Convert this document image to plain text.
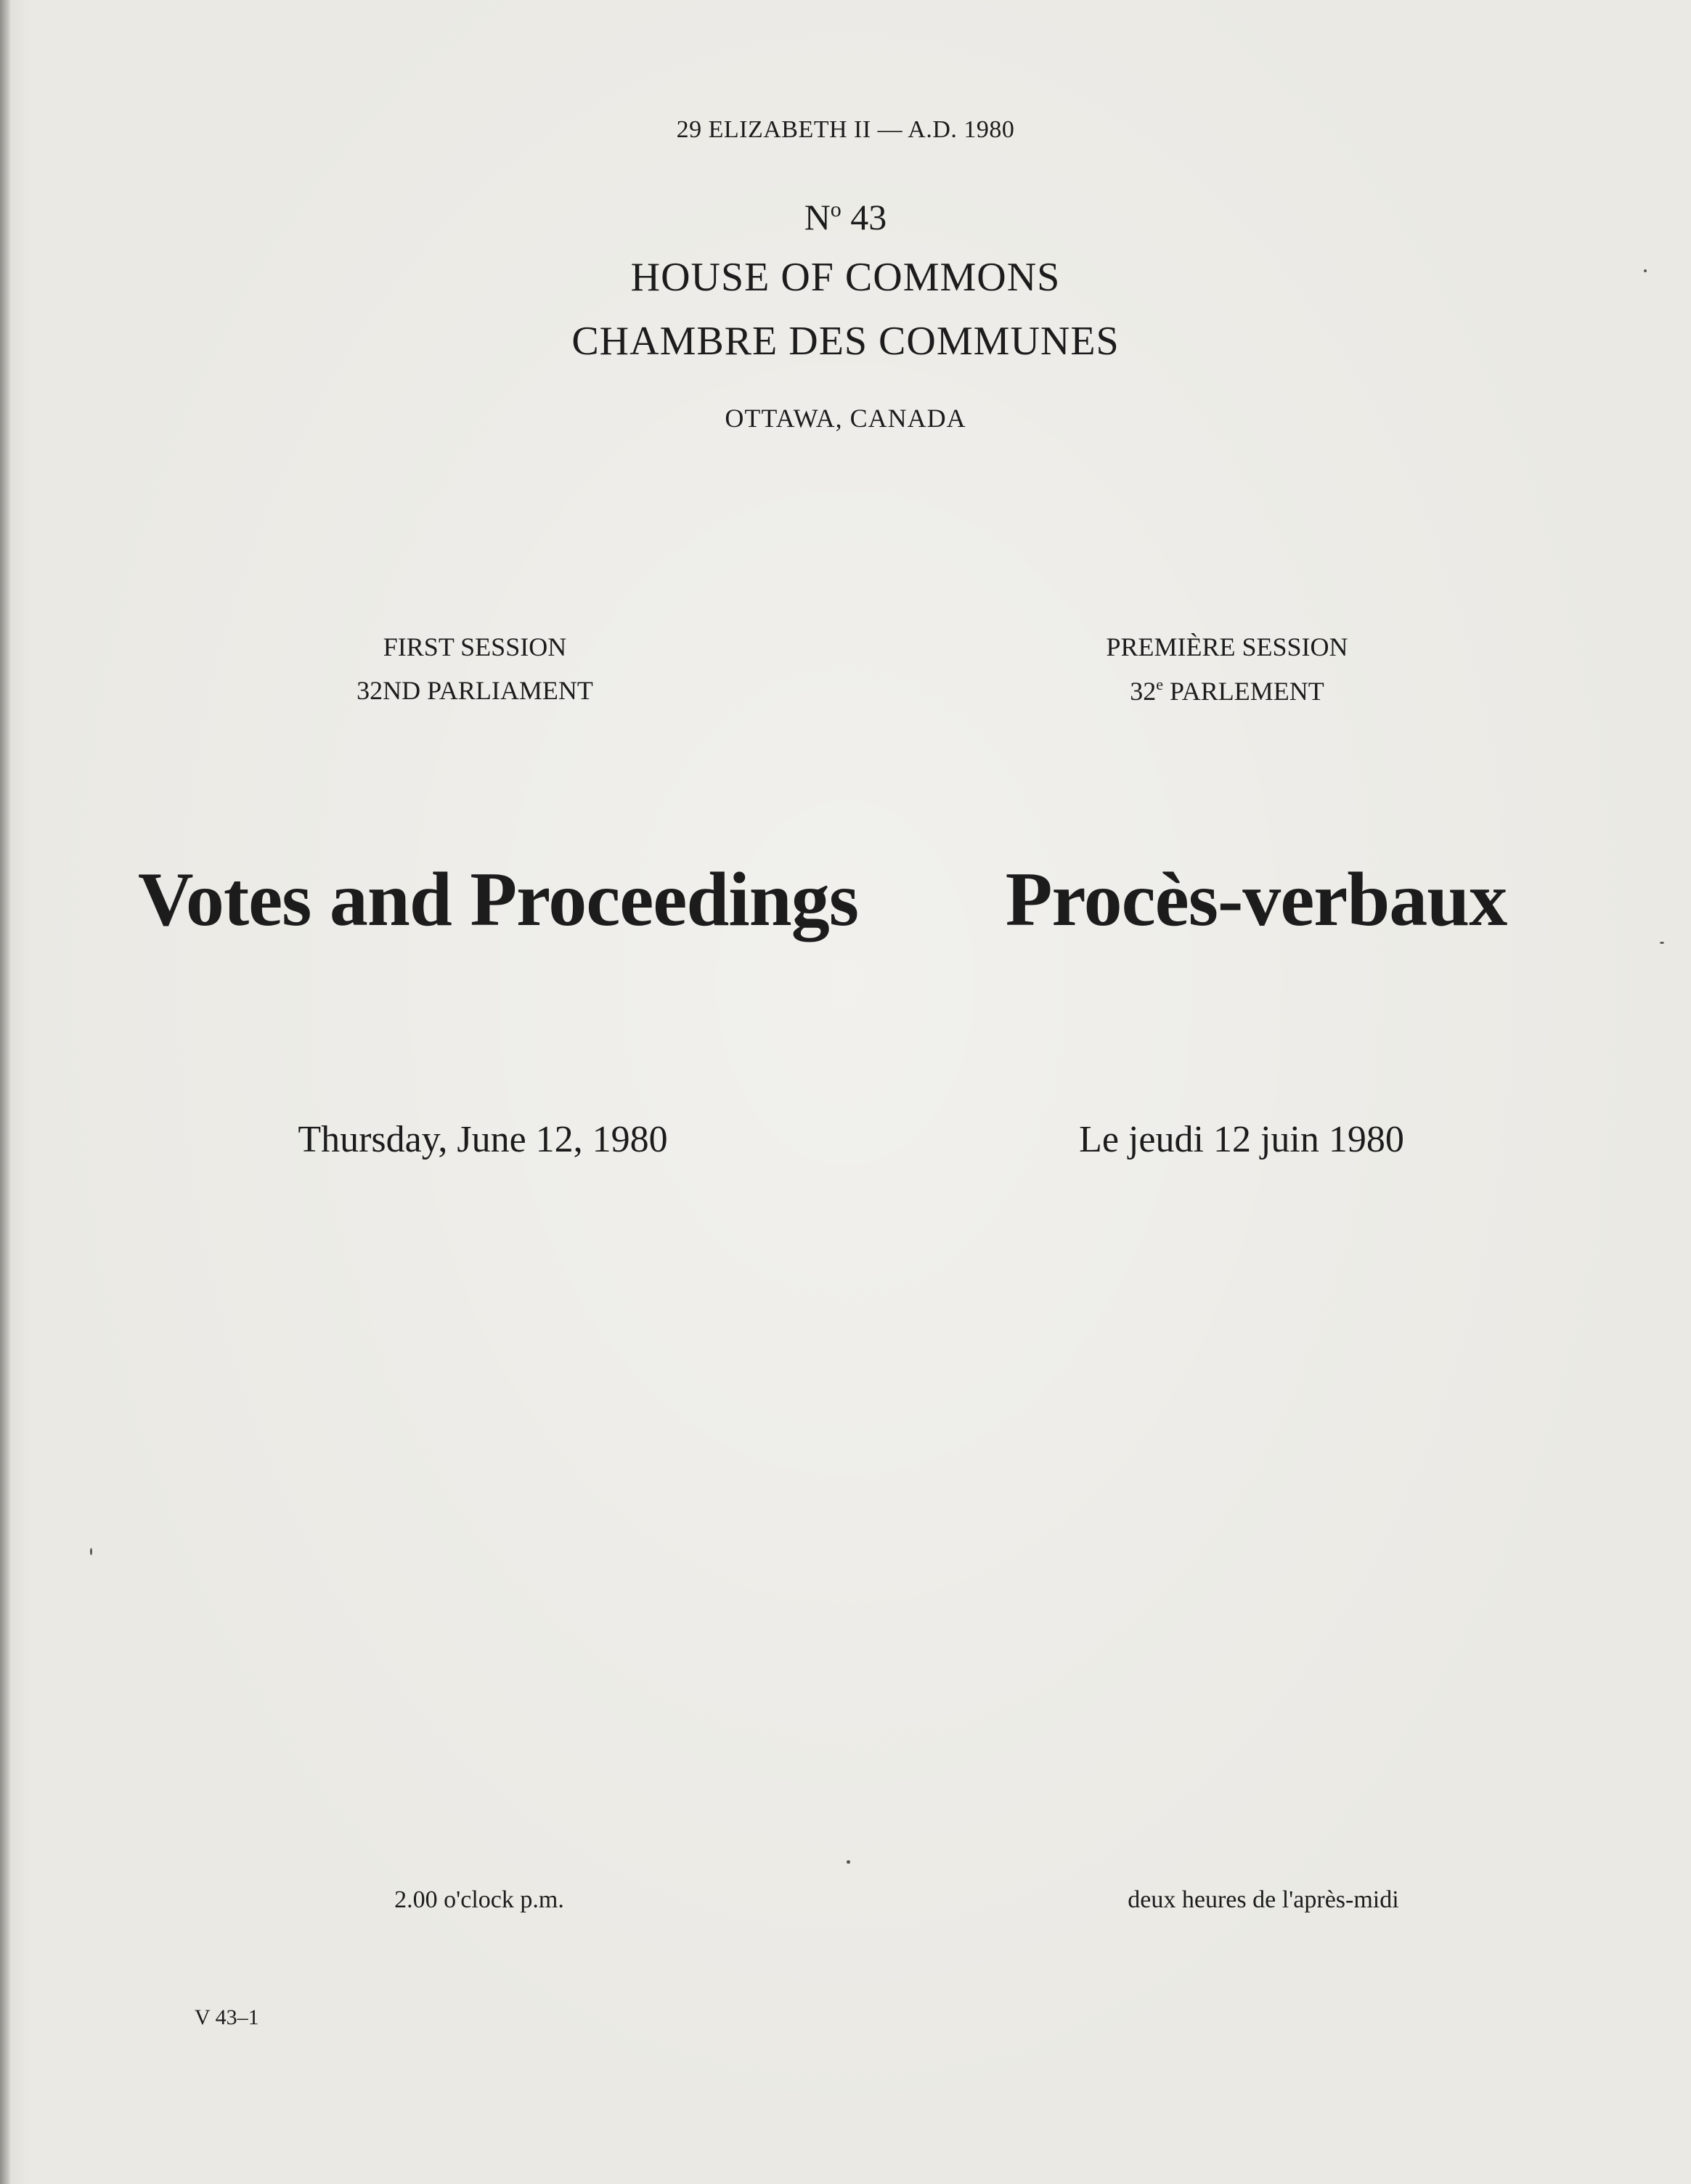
29 ELIZABETH II — A.D. 1980
$N^o$ 43
HOUSE OF COMMONS
CHAMBRE DES COMMUNES
OTTAWA, CANADA
FIRST SESSION
32ND PARLIAMENT
PREMIÈRE SESSION
32e PARLEMENT
Votes and Proceedings	Procès-verbaux
Thursday, June 12, 1980	Le jeudi 12 juin 1980
2.00 o'clock p.m.	deux heures de l'après-midi
V 43–1
